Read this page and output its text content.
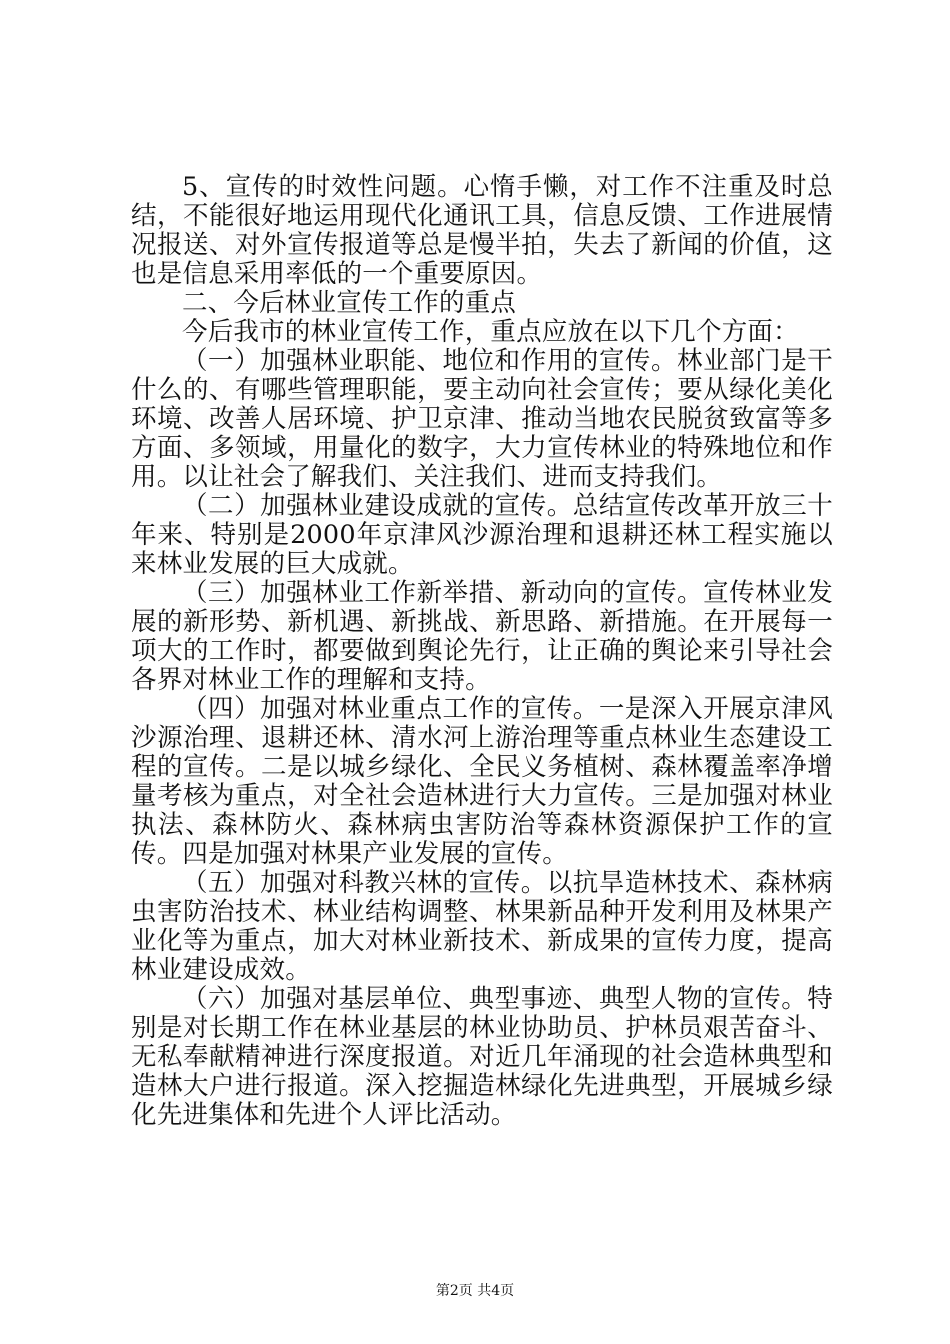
5、宣传的时效性问题。心惰手懒，对工作不注重及时总结，不能很好地运用现代化通讯工具，信息反馈、工作进展情况报送、对外宣传报道等总是慢半拍，失去了新闻的价值，这也是信息采用率低的一个重要原因。

二、今后林业宣传工作的重点

今后我市的林业宣传工作，重点应放在以下几个方面：

（一）加强林业职能、地位和作用的宣传。林业部门是干什么的、有哪些管理职能，要主动向社会宣传；要从绿化美化环境、改善人居环境、护卫京津、推动当地农民脱贫致富等多方面、多领域，用量化的数字，大力宣传林业的特殊地位和作用。以让社会了解我们、关注我们、进而支持我们。

（二）加强林业建设成就的宣传。总结宣传改革开放三十年来、特别是2000年京津风沙源治理和退耕还林工程实施以来林业发展的巨大成就。

（三）加强林业工作新举措、新动向的宣传。宣传林业发展的新形势、新机遇、新挑战、新思路、新措施。在开展每一项大的工作时，都要做到舆论先行，让正确的舆论来引导社会各界对林业工作的理解和支持。

（四）加强对林业重点工作的宣传。一是深入开展京津风沙源治理、退耕还林、清水河上游治理等重点林业生态建设工程的宣传。二是以城乡绿化、全民义务植树、森林覆盖率净增量考核为重点，对全社会造林进行大力宣传。三是加强对林业执法、森林防火、森林病虫害防治等森林资源保护工作的宣传。四是加强对林果产业发展的宣传。

（五）加强对科教兴林的宣传。以抗旱造林技术、森林病虫害防治技术、林业结构调整、林果新品种开发利用及林果产业化等为重点，加大对林业新技术、新成果的宣传力度，提高林业建设成效。

（六）加强对基层单位、典型事迹、典型人物的宣传。特别是对长期工作在林业基层的林业协助员、护林员艰苦奋斗、无私奉献精神进行深度报道。对近几年涌现的社会造林典型和造林大户进行报道。深入挖掘造林绿化先进典型，开展城乡绿化先进集体和先进个人评比活动。

第2页 共4页
